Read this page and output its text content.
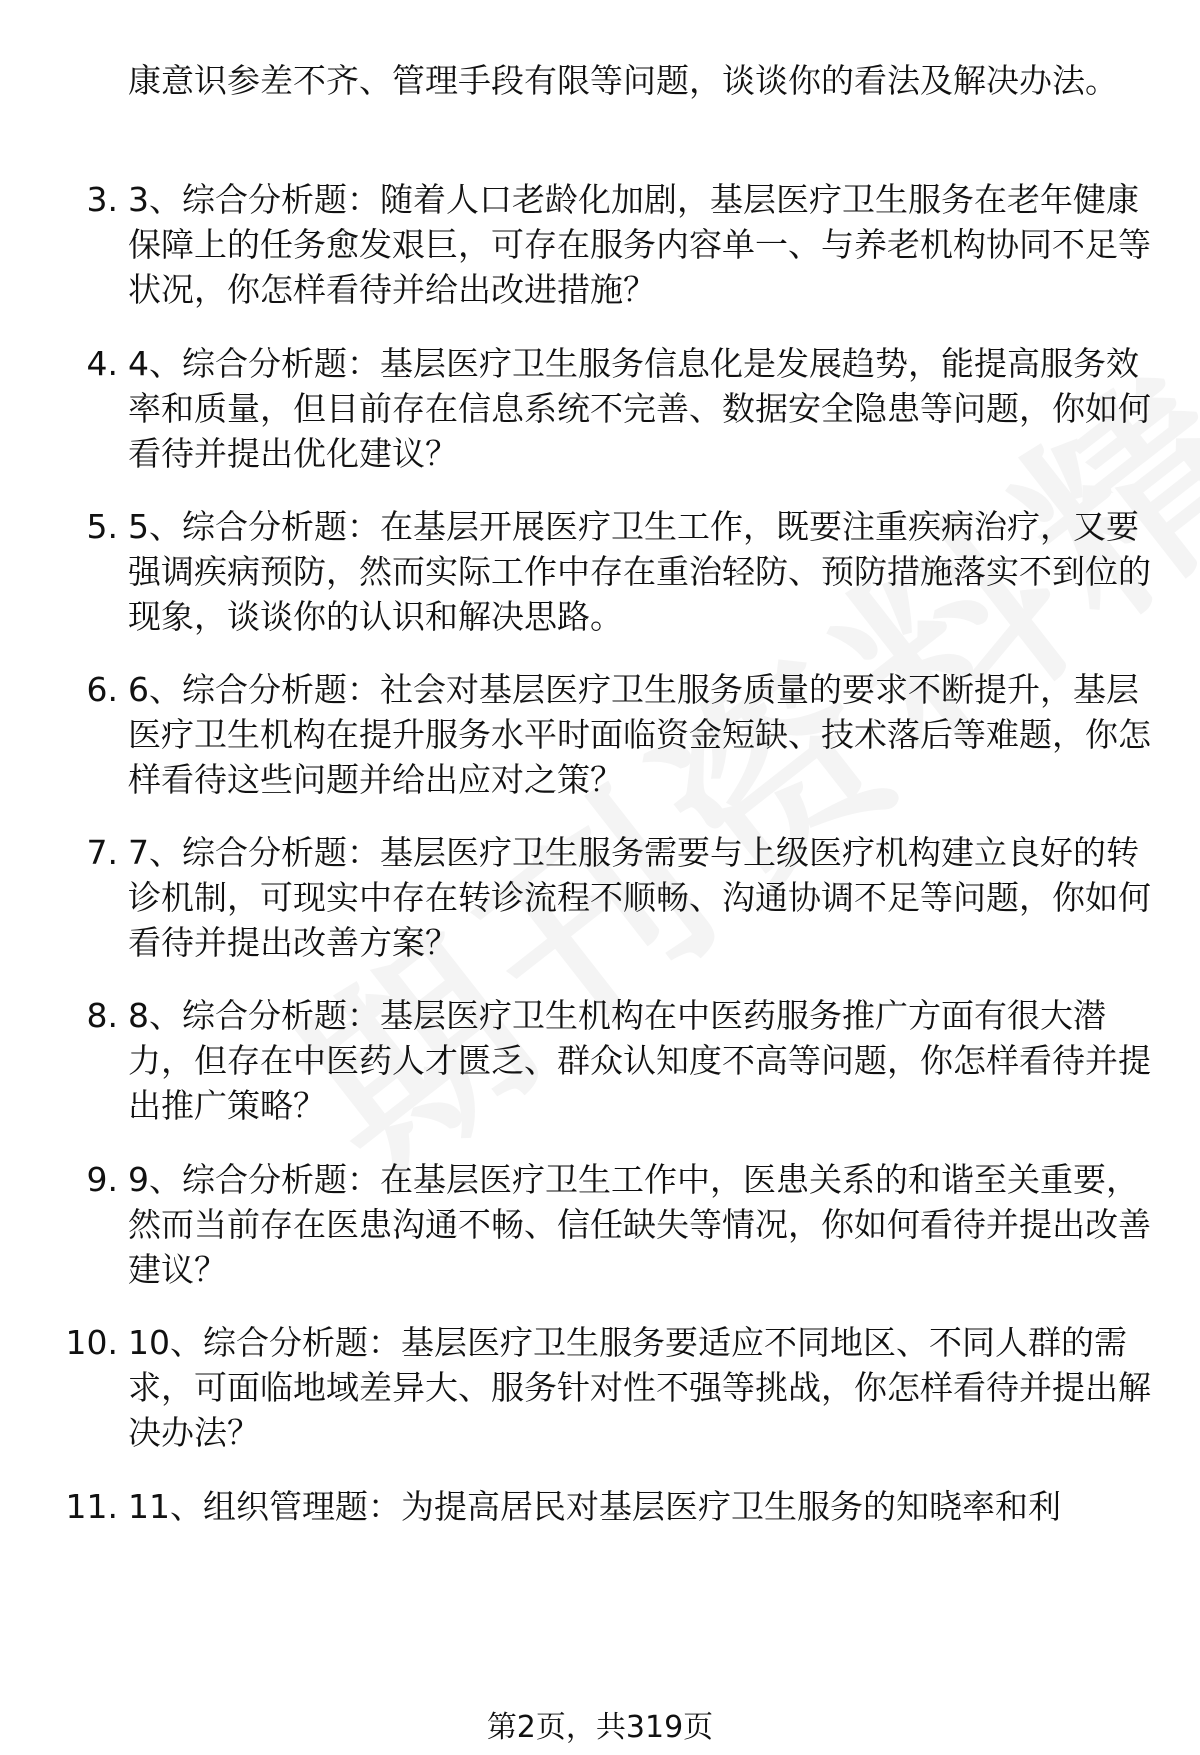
康意识参差不齐、管理手段有限等问题，谈谈你的看法及解决办法。
3. 3、综合分析题：随着人口老龄化加剧，基层医疗卫生服务在老年健康保障上的任务愈发艰巨，可存在服务内容单一、与养老机构协同不足等状况，你怎样看待并给出改进措施？
4. 4、综合分析题：基层医疗卫生服务信息化是发展趋势，能提高服务效率和质量，但目前存在信息系统不完善、数据安全隐患等问题，你如何看待并提出优化建议？
5. 5、综合分析题：在基层开展医疗卫生工作，既要注重疾病治疗，又要强调疾病预防，然而实际工作中存在重治轻防、预防措施落实不到位的现象，谈谈你的认识和解决思路。
6. 6、综合分析题：社会对基层医疗卫生服务质量的要求不断提升，基层医疗卫生机构在提升服务水平时面临资金短缺、技术落后等难题，你怎样看待这些问题并给出应对之策？
7. 7、综合分析题：基层医疗卫生服务需要与上级医疗机构建立良好的转诊机制，可现实中存在转诊流程不顺畅、沟通协调不足等问题，你如何看待并提出改善方案？
8. 8、综合分析题：基层医疗卫生机构在中医药服务推广方面有很大潜力，但存在中医药人才匮乏、群众认知度不高等问题，你怎样看待并提出推广策略？
9. 9、综合分析题：在基层医疗卫生工作中，医患关系的和谐至关重要，然而当前存在医患沟通不畅、信任缺失等情况，你如何看待并提出改善建议？
10. 10、综合分析题：基层医疗卫生服务要适应不同地区、不同人群的需求，可面临地域差异大、服务针对性不强等挑战，你怎样看待并提出解决办法？
11. 11、组织管理题：为提高居民对基层医疗卫生服务的知晓率和利
第2页，共319页
